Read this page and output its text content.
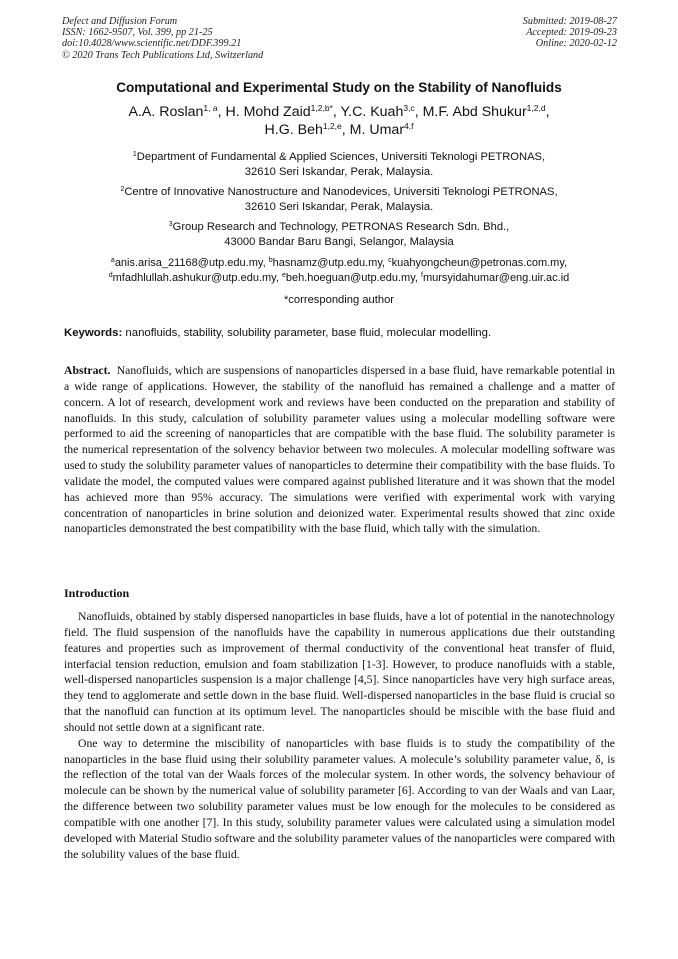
Defect and Diffusion Forum
ISSN: 1662-9507, Vol. 399, pp 21-25
doi:10.4028/www.scientific.net/DDF.399.21
© 2020 Trans Tech Publications Ltd, Switzerland
Submitted: 2019-08-27
Accepted: 2019-09-23
Online: 2020-02-12
Computational and Experimental Study on the Stability of Nanofluids
A.A. Roslan$^{1, a}$, H. Mohd Zaid$^{1,2,b*}$, Y.C. Kuah$^{3,c}$, M.F. Abd Shukur$^{1,2,d}$,
H.G. Beh$^{1,2,e}$, M. Umar$^{4,f}$
$^1$Department of Fundamental & Applied Sciences, Universiti Teknologi PETRONAS,
32610 Seri Iskandar, Perak, Malaysia.
$^2$Centre of Innovative Nanostructure and Nanodevices, Universiti Teknologi PETRONAS,
32610 Seri Iskandar, Perak, Malaysia.
$^3$Group Research and Technology, PETRONAS Research Sdn. Bhd.,
43000 Bandar Baru Bangi, Selangor, Malaysia
$^a$anis.arisa_21168@utp.edu.my, $^b$hasnamz@utp.edu.my, $^c$kuahyongcheun@petronas.com.my,
$^d$mfadhlullah.ashukur@utp.edu.my, $^e$beh.hoeguan@utp.edu.my, $^f$mursyidahumar@eng.uir.ac.id
*corresponding author
Keywords: nanofluids, stability, solubility parameter, base fluid, molecular modelling.
Abstract. Nanofluids, which are suspensions of nanoparticles dispersed in a base fluid, have remarkable potential in a wide range of applications. However, the stability of the nanofluid has remained a challenge and a matter of concern. A lot of research, development work and reviews have been conducted on the preparation and stability of nanofluids. In this study, calculation of solubility parameter values using a molecular modelling software were performed to aid the screening of nanoparticles that are compatible with the base fluid. The solubility parameter is the numerical representation of the solvency behavior between two molecules. A molecular modelling software was used to study the solubility parameter values of nanoparticles to determine their compatibility with the base fluids. To validate the model, the computed values were compared against published literature and it was shown that the model has achieved more than 95% accuracy. The simulations were verified with experimental work with varying concentration of nanoparticles in brine solution and deionized water. Experimental results showed that zinc oxide nanoparticles demonstrated the best compatibility with the base fluid, which tally with the simulation.
Introduction

Nanofluids, obtained by stably dispersed nanoparticles in base fluids, have a lot of potential in the nanotechnology field. The fluid suspension of the nanofluids have the capability in numerous applications due their outstanding features and properties such as improvement of thermal conductivity of the conventional heat transfer of fluid, interfacial tension reduction, emulsion and foam stabilization [1-3]. However, to produce nanofluids with a stable, well-dispersed nanoparticles suspension is a major challenge [4,5]. Since nanoparticles have very high surface areas, they tend to agglomerate and settle down in the base fluid. Well-dispersed nanoparticles in the base fluid is crucial so that the nanofluid can function at its optimum level. The nanoparticles should be miscible with the base fluid and should not settle down at a significant rate.

One way to determine the miscibility of nanoparticles with base fluids is to study the compatibility of the nanoparticles in the base fluid using their solubility parameter values. A molecule’s solubility parameter value, δ, is the reflection of the total van der Waals forces of the molecular system. In other words, the solvency behaviour of molecule can be shown by the numerical value of solubility parameter [6]. According to van der Waals and van Laar, the difference between two solubility parameter values must be low enough for the molecules to be considered as compatible with one another [7]. In this study, solubility parameter values were calculated using a simulation model developed with Material Studio software and the solubility parameter values of the nanoparticles were compared with the solubility values of the base fluid.
